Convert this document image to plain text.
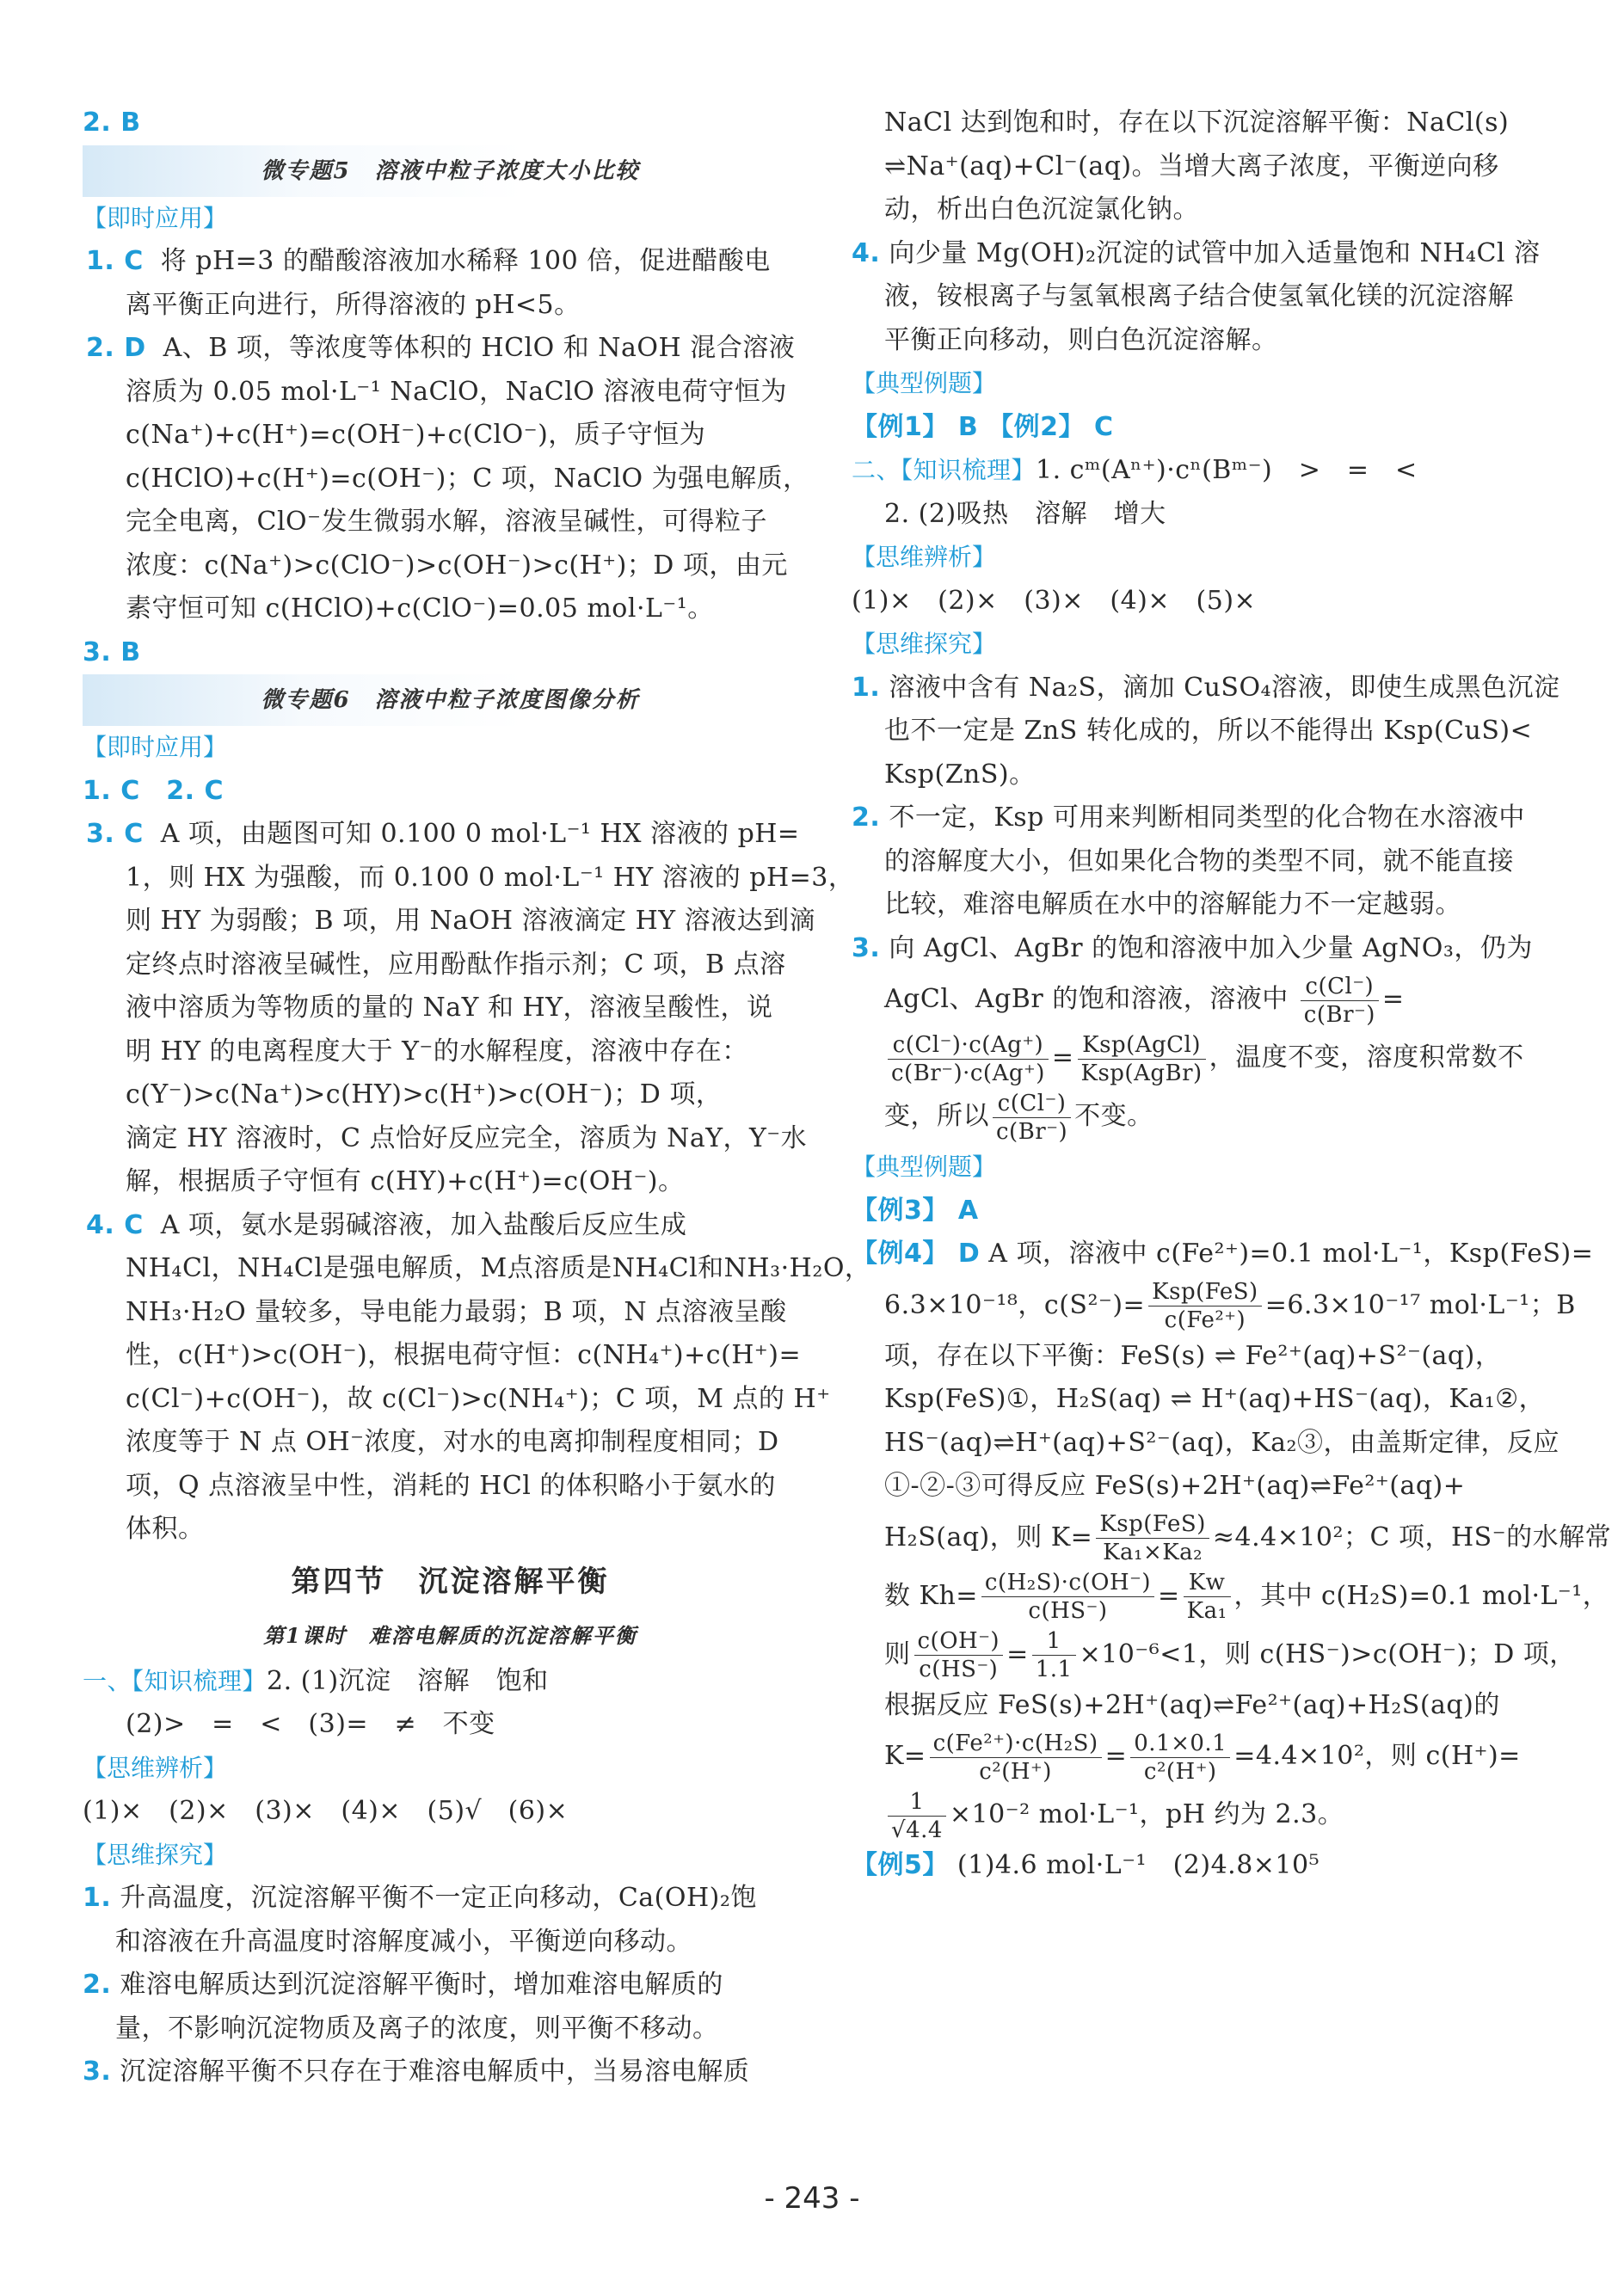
2. B
微专题5　溶液中粒子浓度大小比较
【即时应用】
1. C 将 pH=3 的醋酸溶液加水稀释 100 倍，促进醋酸电
离平衡正向进行，所得溶液的 pH<5。
2. D A、B 项，等浓度等体积的 HClO 和 NaOH 混合溶液
溶质为 0.05 mol·L⁻¹ NaClO，NaClO 溶液电荷守恒为
c(Na⁺)+c(H⁺)=c(OH⁻)+c(ClO⁻)，质子守恒为
c(HClO)+c(H⁺)=c(OH⁻)；C 项，NaClO 为强电解质，
完全电离，ClO⁻发生微弱水解，溶液呈碱性，可得粒子
浓度：c(Na⁺)>c(ClO⁻)>c(OH⁻)>c(H⁺)；D 项，由元
素守恒可知 c(HClO)+c(ClO⁻)=0.05 mol·L⁻¹。
3. B
微专题6　溶液中粒子浓度图像分析
【即时应用】
1. C　2. C
3. C A 项，由题图可知 0.100 0 mol·L⁻¹ HX 溶液的 pH=
1，则 HX 为强酸，而 0.100 0 mol·L⁻¹ HY 溶液的 pH=3，
则 HY 为弱酸；B 项，用 NaOH 溶液滴定 HY 溶液达到滴
定终点时溶液呈碱性，应用酚酞作指示剂；C 项，B 点溶
液中溶质为等物质的量的 NaY 和 HY，溶液呈酸性，说
明 HY 的电离程度大于 Y⁻的水解程度，溶液中存在：
c(Y⁻)>c(Na⁺)>c(HY)>c(H⁺)>c(OH⁻)；D 项，
滴定 HY 溶液时，C 点恰好反应完全，溶质为 NaY，Y⁻水
解，根据质子守恒有 c(HY)+c(H⁺)=c(OH⁻)。
4. C A 项，氨水是弱碱溶液，加入盐酸后反应生成
NH₄Cl，NH₄Cl是强电解质，M点溶质是NH₄Cl和NH₃·H₂O，
NH₃·H₂O 量较多，导电能力最弱；B 项，N 点溶液呈酸
性，c(H⁺)>c(OH⁻)，根据电荷守恒：c(NH₄⁺)+c(H⁺)=
c(Cl⁻)+c(OH⁻)，故 c(Cl⁻)>c(NH₄⁺)；C 项，M 点的 H⁺
浓度等于 N 点 OH⁻浓度，对水的电离抑制程度相同；D
项，Q 点溶液呈中性，消耗的 HCl 的体积略小于氨水的
体积。
第四节　沉淀溶解平衡
第1课时　难溶电解质的沉淀溶解平衡
一、【知识梳理】2. (1)沉淀　溶解　饱和
(2)>　=　<　(3)=　≠　不变
【思维辨析】
(1)×　(2)×　(3)×　(4)×　(5)√　(6)×
【思维探究】
1. 升高温度，沉淀溶解平衡不一定正向移动，Ca(OH)₂饱
和溶液在升高温度时溶解度减小，平衡逆向移动。
2. 难溶电解质达到沉淀溶解平衡时，增加难溶电解质的
量，不影响沉淀物质及离子的浓度，则平衡不移动。
3. 沉淀溶解平衡不只存在于难溶电解质中，当易溶电解质
NaCl 达到饱和时，存在以下沉淀溶解平衡：NaCl(s)
⇌Na⁺(aq)+Cl⁻(aq)。当增大离子浓度，平衡逆向移
动，析出白色沉淀氯化钠。
4. 向少量 Mg(OH)₂沉淀的试管中加入适量饱和 NH₄Cl 溶
液，铵根离子与氢氧根离子结合使氢氧化镁的沉淀溶解
平衡正向移动，则白色沉淀溶解。
【典型例题】
【例1】 B 【例2】 C
二、【知识梳理】1. cᵐ(Aⁿ⁺)·cⁿ(Bᵐ⁻)　>　=　<
2. (2)吸热　溶解　增大
【思维辨析】
(1)×　(2)×　(3)×　(4)×　(5)×
【思维探究】
1. 溶液中含有 Na₂S，滴加 CuSO₄溶液，即使生成黑色沉淀
也不一定是 ZnS 转化成的，所以不能得出 Ksp(CuS)<
Ksp(ZnS)。
2. 不一定，Ksp 可用来判断相同类型的化合物在水溶液中
的溶解度大小，但如果化合物的类型不同，就不能直接
比较，难溶电解质在水中的溶解能力不一定越弱。
3. 向 AgCl、AgBr 的饱和溶液中加入少量 AgNO₃，仍为
AgCl、AgBr 的饱和溶液，溶液中 $\frac{c(Cl^-)}{c(Br^-)}$ =
$\frac{c(Cl^-)\cdot c(Ag^+)}{c(Br^-)\cdot c(Ag^+)} = \frac{\text{Ksp(AgCl)}}{\text{Ksp(AgBr)}}$ ，温度不变，溶度积常数不
变，所以 $\frac{c(Cl^-)}{c(Br^-)}$ 不变。
【典型例题】
【例3】 A
【例4】 D A 项，溶液中 c(Fe²⁺)=0.1 mol·L⁻¹，Ksp(FeS)=
6.3×10⁻¹⁸，$c(S^{2-})= \frac{\text{Ksp(FeS)}}{\text{c(Fe²⁺)}} =6.3\times 10^{-17}$ mol·L⁻¹；B
项，存在以下平衡：FeS(s) ⇌ Fe²⁺(aq)+S²⁻(aq)，
Ksp(FeS)①，H₂S(aq) ⇌ H⁺(aq)+HS⁻(aq)，Ka₁②，
HS⁻(aq)⇌H⁺(aq)+S²⁻(aq)，Ka₂③，由盖斯定律，反应
①-②-③可得反应 FeS(s)+2H⁺(aq)⇌Fe²⁺(aq)+
H₂S(aq)，则 $K= \frac{\text{Ksp(FeS)}}{\text{Ka₁×Ka₂}} \approx 4.4\times 10^2$；C 项，HS⁻的水解常
数 $Kh= \frac{\text{c(H₂S)·c(OH⁻)}}{c(HS^-)} = \frac{Kw}{\text{Ka₁}}$ ，其中 c(H₂S)=0.1 mol·L⁻¹，
则 $\frac{c(OH^-)}{c(HS^-)} = \frac{1}{1.1} \times 10^{-6}<1$，则 c(HS⁻)>c(OH⁻)；D 项，
根据反应 FeS(s)+2H⁺(aq)⇌Fe²⁺(aq)+H₂S(aq)的
$K= \frac{\text{c(Fe²⁺)·c(H₂S)}}{\text{c²(H⁺)}} = \frac{0.1\times 0.1}{\text{c²(H⁺)}} =4.4\times 10^2$，则 c(H⁺)=
$\frac{1}{√4.4} \times 10^{-2}$ mol·L⁻¹，pH 约为 2.3。
【例5】 (1)4.6 mol·L⁻¹　(2)4.8×10⁵
- 243 -
